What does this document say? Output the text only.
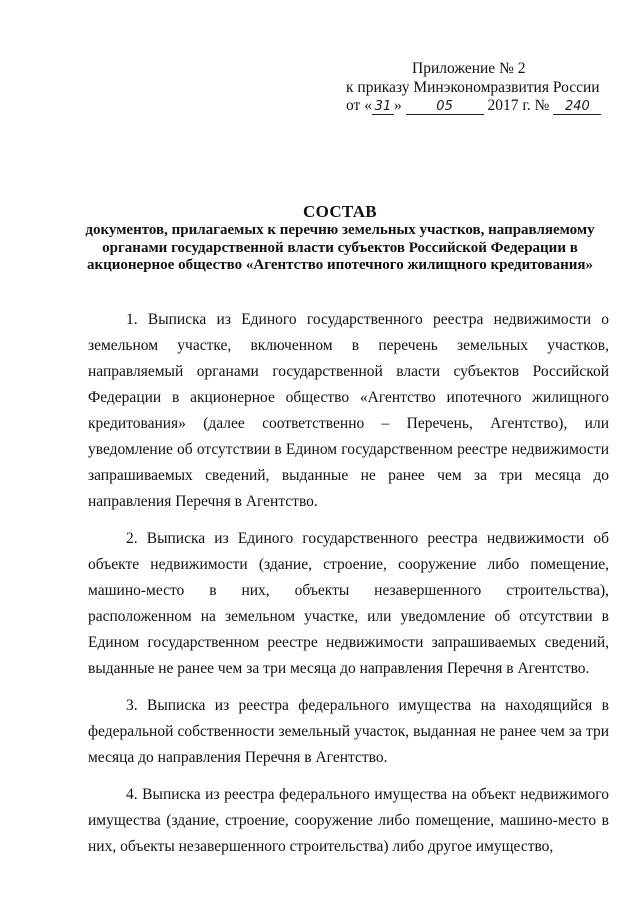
Приложение № 2
к приказу Минэкономразвития России
от « 31 »	05 2017 г. № 240
СОСТАВ
документов, прилагаемых к перечню земельных участков, направляемому органами государственной власти субъектов Российской Федерации в акционерное общество «Агентство ипотечного жилищного кредитования»

1. Выписка из Единого государственного реестра недвижимости о земельном участке, включенном в перечень земельных участков, направляемый органами государственной власти субъектов Российской Федерации в акционерное общество «Агентство ипотечного жилищного кредитования» (далее соответственно – Перечень, Агентство), или уведомление об отсутствии в Едином государственном реестре недвижимости запрашиваемых сведений, выданные не ранее чем за три месяца до направления Перечня в Агентство.

2. Выписка из Единого государственного реестра недвижимости об объекте недвижимости (здание, строение, сооружение либо помещение, машино-место в них, объекты незавершенного строительства), расположенном на земельном участке, или уведомление об отсутствии в Едином государственном реестре недвижимости запрашиваемых сведений, выданные не ранее чем за три месяца до направления Перечня в Агентство.

3. Выписка из реестра федерального имущества на находящийся в федеральной собственности земельный участок, выданная не ранее чем за три месяца до направления Перечня в Агентство.

4. Выписка из реестра федерального имущества на объект недвижимого имущества (здание, строение, сооружение либо помещение, машино-место в них, объекты незавершенного строительства) либо другое имущество,
